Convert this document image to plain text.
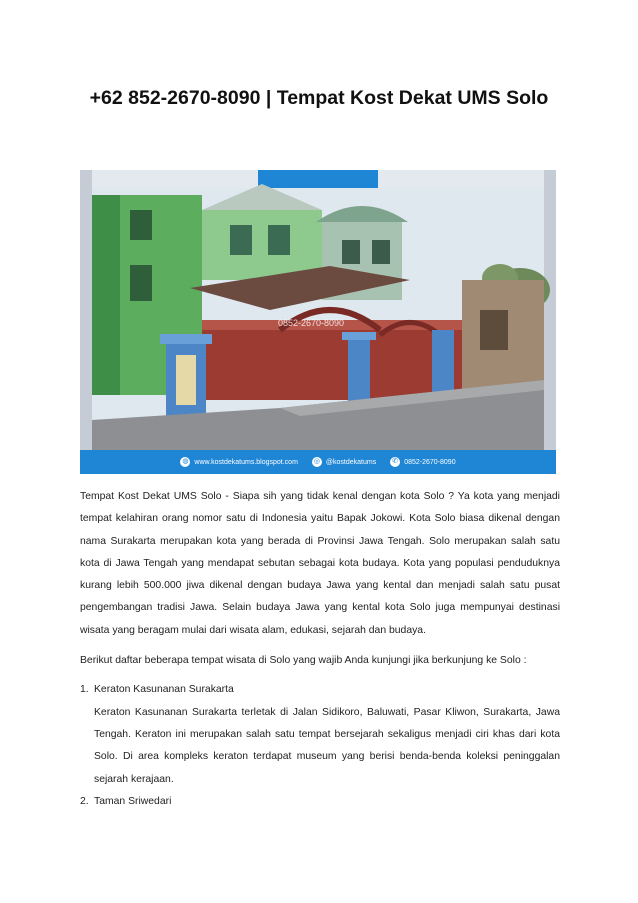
+62 852-2670-8090 | Tempat Kost Dekat UMS Solo
0852-2670-8090
◍ www.kostdekatums.blogspot.com ◎ @kostdekatums ✆ 0852-2670-8090

Tempat Kost Dekat UMS Solo - Siapa sih yang tidak kenal dengan kota Solo ? Ya kota yang menjadi tempat kelahiran orang nomor satu di Indonesia yaitu Bapak Jokowi. Kota Solo biasa dikenal dengan nama Surakarta merupakan kota yang berada di Provinsi Jawa Tengah. Solo merupakan salah satu kota di Jawa Tengah yang mendapat sebutan sebagai kota budaya. Kota yang populasi penduduknya kurang lebih 500.000 jiwa dikenal dengan budaya Jawa yang kental dan menjadi salah satu pusat pengembangan tradisi Jawa. Selain budaya Jawa yang kental kota Solo juga mempunyai destinasi wisata yang beragam mulai dari wisata alam, edukasi, sejarah dan budaya.

Berikut daftar beberapa tempat wisata di Solo yang wajib Anda kunjungi jika berkunjung ke Solo :

1. Keraton Kasunanan Surakarta
Keraton Kasunanan Surakarta terletak di Jalan Sidikoro, Baluwati, Pasar Kliwon, Surakarta, Jawa Tengah. Keraton ini merupakan salah satu tempat bersejarah sekaligus menjadi ciri khas dari kota Solo. Di area kompleks keraton terdapat museum yang berisi benda-benda koleksi peninggalan sejarah kerajaan.
2. Taman Sriwedari
